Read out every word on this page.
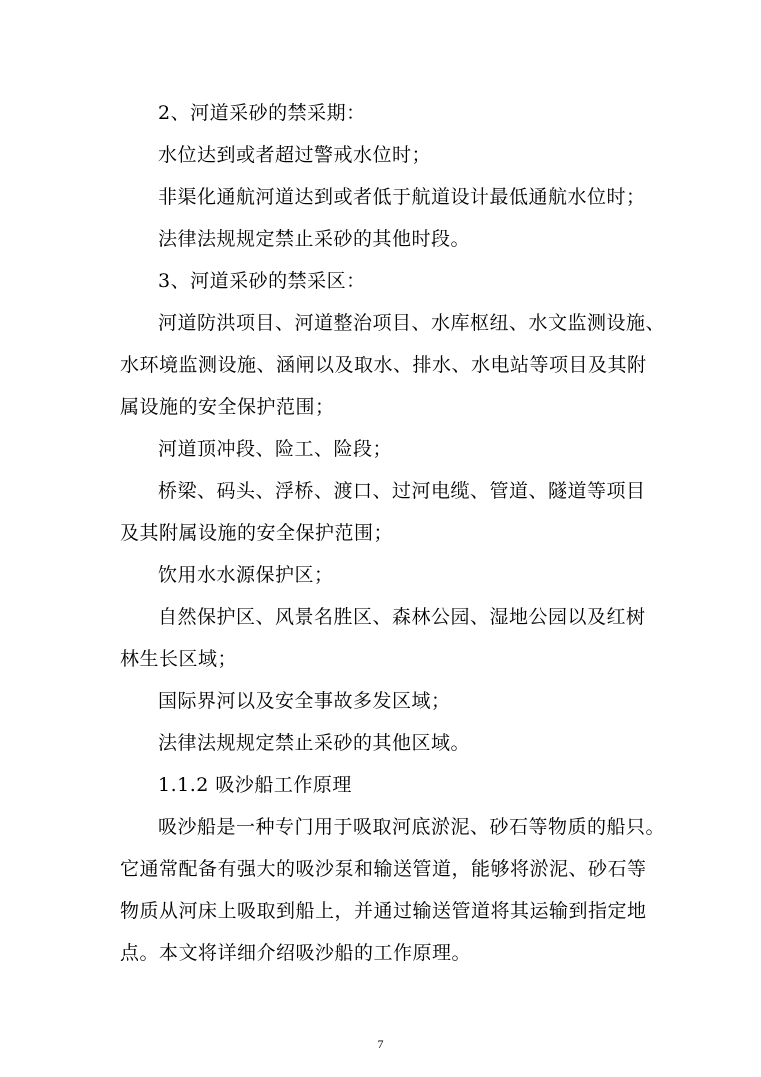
2、河道采砂的禁采期：
水位达到或者超过警戒水位时；
非渠化通航河道达到或者低于航道设计最低通航水位时；
法律法规规定禁止采砂的其他时段。
3、河道采砂的禁采区：
河道防洪项目、河道整治项目、水库枢纽、水文监测设施、
水环境监测设施、涵闸以及取水、排水、水电站等项目及其附
属设施的安全保护范围；
河道顶冲段、险工、险段；
桥梁、码头、浮桥、渡口、过河电缆、管道、隧道等项目
及其附属设施的安全保护范围；
饮用水水源保护区；
自然保护区、风景名胜区、森林公园、湿地公园以及红树
林生长区域；
国际界河以及安全事故多发区域；
法律法规规定禁止采砂的其他区域。
1.1.2 吸沙船工作原理
吸沙船是一种专门用于吸取河底淤泥、砂石等物质的船只。
它通常配备有强大的吸沙泵和输送管道，能够将淤泥、砂石等
物质从河床上吸取到船上，并通过输送管道将其运输到指定地
点。本文将详细介绍吸沙船的工作原理。
7
